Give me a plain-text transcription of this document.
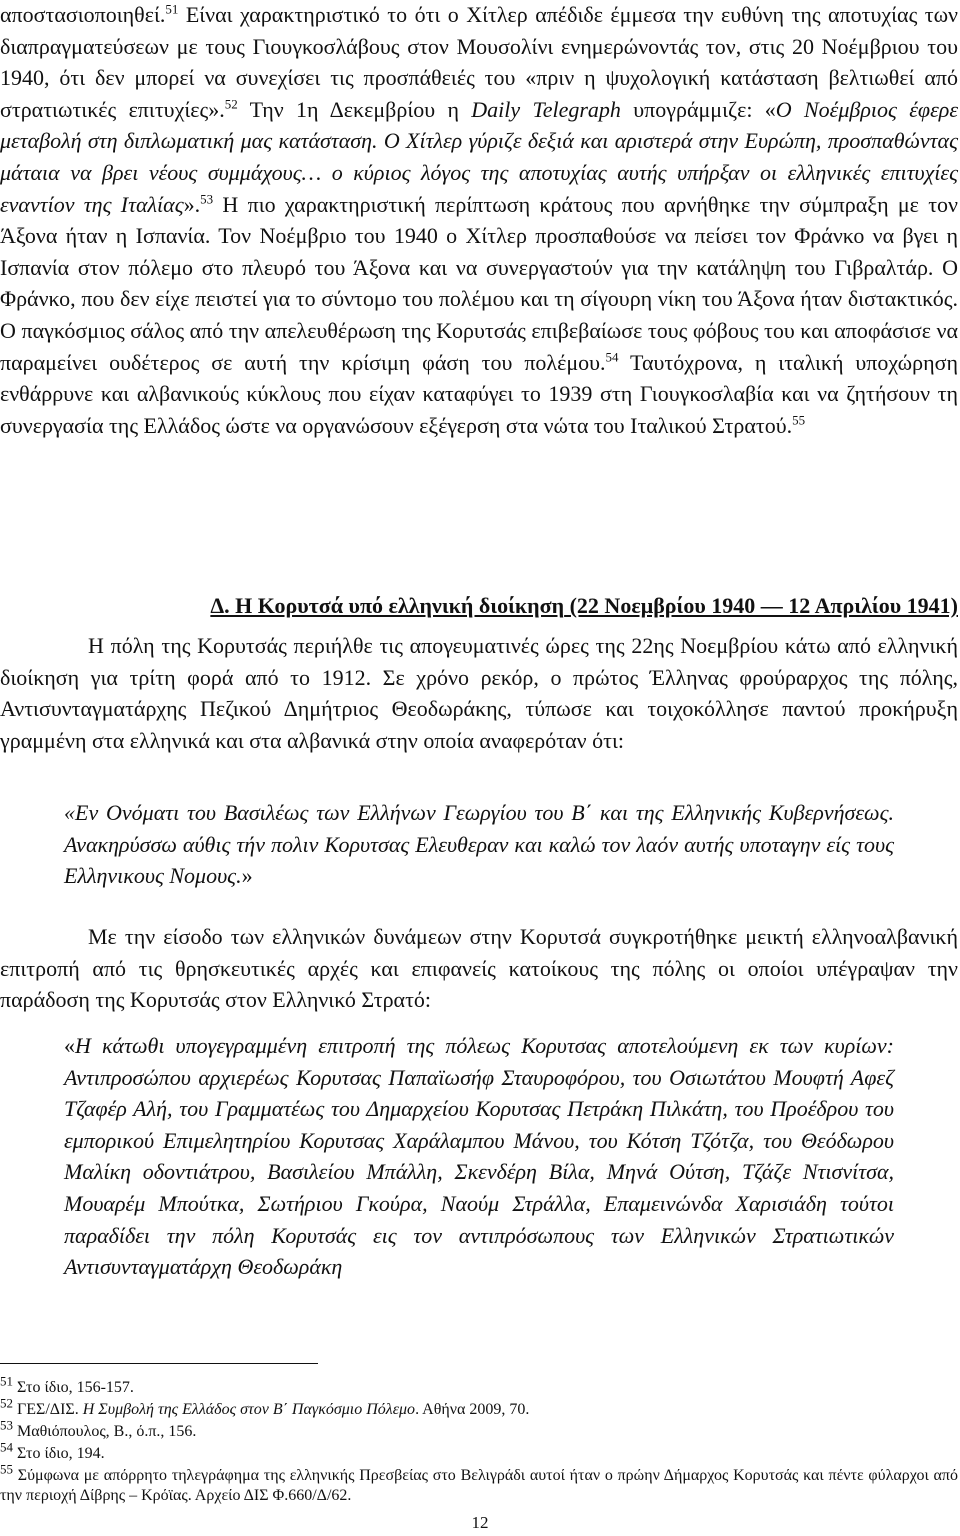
αποστασιοποιηθεί.$^{51}$ Είναι χαρακτηριστικό το ότι ο Χίτλερ απέδιδε έμμεσα την ευθύνη της αποτυχίας των διαπραγματεύσεων με τους Γιουγκοσλάβους στον Μουσολίνι ενημερώνοντάς τον, στις 20 Νοέμβριου του 1940, ότι δεν μπορεί να συνεχίσει τις προσπάθειές του «πριν η ψυχολογική κατάσταση βελτιωθεί από στρατιωτικές επιτυχίες».$^{52}$ Την 1η Δεκεμβρίου η Daily Telegraph υπογράμμιζε: «Ο Νοέμβριος έφερε μεταβολή στη διπλωματική μας κατάσταση. Ο Χίτλερ γύριζε δεξιά και αριστερά στην Ευρώπη, προσπαθώντας μάταια να βρει νέους συμμάχους… ο κύριος λόγος της αποτυχίας αυτής υπήρξαν οι ελληνικές επιτυχίες εναντίον της Ιταλίας».$^{53}$ Η πιο χαρακτηριστική περίπτωση κράτους που αρνήθηκε την σύμπραξη με τον Άξονα ήταν η Ισπανία. Τον Νοέμβριο του 1940 ο Χίτλερ προσπαθούσε να πείσει τον Φράνκο να βγει η Ισπανία στον πόλεμο στο πλευρό του Άξονα και να συνεργαστούν για την κατάληψη του Γιβραλτάρ. Ο Φράνκο, που δεν είχε πειστεί για το σύντομο του πολέμου και τη σίγουρη νίκη του Άξονα ήταν διστακτικός. Ο παγκόσμιος σάλος από την απελευθέρωση της Κορυτσάς επιβεβαίωσε τους φόβους του και αποφάσισε να παραμείνει ουδέτερος σε αυτή την κρίσιμη φάση του πολέμου.$^{54}$ Ταυτόχρονα, η ιταλική υποχώρηση ενθάρρυνε και αλβανικούς κύκλους που είχαν καταφύγει το 1939 στη Γιουγκοσλαβία και να ζητήσουν τη συνεργασία της Ελλάδος ώστε να οργανώσουν εξέγερση στα νώτα του Ιταλικού Στρατού.$^{55}$

Δ. Η Κορυτσά υπό ελληνική διοίκηση (22 Νοεμβρίου 1940 — 12 Απριλίου 1941)

Η πόλη της Κορυτσάς περιήλθε τις απογευματινές ώρες της 22ης Νοεμβρίου κάτω από ελληνική διοίκηση για τρίτη φορά από το 1912. Σε χρόνο ρεκόρ, ο πρώτος Έλληνας φρούραρχος της πόλης, Αντισυνταγματάρχης Πεζικού Δημήτριος Θεοδωράκης, τύπωσε και τοιχοκόλλησε παντού προκήρυξη γραμμένη στα ελληνικά και στα αλβανικά στην οποία αναφερόταν ότι:

«Εν Ονόματι του Βασιλέως των Ελλήνων Γεωργίου του Β΄ και της Ελληνικής Κυβερνήσεως. Ανακηρύσσω αύθις τήν πολιν Κορυτσας Ελευθεραν και καλώ τον λαόν αυτής υποταγην είς τους Ελληνικους Νομους.»

Με την είσοδο των ελληνικών δυνάμεων στην Κορυτσά συγκροτήθηκε μεικτή ελληνοαλβανική επιτροπή από τις θρησκευτικές αρχές και επιφανείς κατοίκους της πόλης οι οποίοι υπέγραψαν την παράδοση της Κορυτσάς στον Ελληνικό Στρατό:

«Η κάτωθι υπογεγραμμένη επιτροπή της πόλεως Κορυτσας αποτελούμενη εκ των κυρίων: Αντιπροσώπου αρχιερέως Κορυτσας Παπαϊωσήφ Σταυροφόρου, του Οσιωτάτου Μουφτή Αφεζ Τζαφέρ Αλή, του Γραμματέως του Δημαρχείου Κορυτσας Πετράκη Πιλκάτη, του Προέδρου του εμπορικού Επιμελητηρίου Κορυτσας Χαράλαμπου Μάνου, του Κότση Τζότζα, του Θεόδωρου Μαλίκη οδοντιάτρου, Βασιλείου Μπάλλη, Σκενδέρη Βίλα, Μηνά Ούτση, Τζάζε Ντισνίτσα, Μουαρέμ Μπούτκα, Σωτήριου Γκούρα, Ναούμ Στράλλα, Επαμεινώνδα Χαρισιάδη τούτοι παραδίδει την πόλη Κορυτσάς εις τον αντιπρόσωπους των Ελληνικών Στρατιωτικών Αντισυνταγματάρχη Θεοδωράκη

$^{51}$ Στο ίδιο, 156-157.

$^{52}$ ΓΕΣ/ΔΙΣ. Η Συμβολή της Ελλάδος στον Β΄ Παγκόσμιο Πόλεμο. Αθήνα 2009, 70.

$^{53}$ Μαθιόπουλος, Β., ό.π., 156.

$^{54}$ Στο ίδιο, 194.

$^{55}$ Σύμφωνα με απόρρητο τηλεγράφημα της ελληνικής Πρεσβείας στο Βελιγράδι αυτοί ήταν ο πρώην Δήμαρχος Κορυτσάς και πέντε φύλαρχοι από την περιοχή Δίβρης – Κρόϊας. Αρχείο ΔΙΣ Φ.660/Δ/62.

12
